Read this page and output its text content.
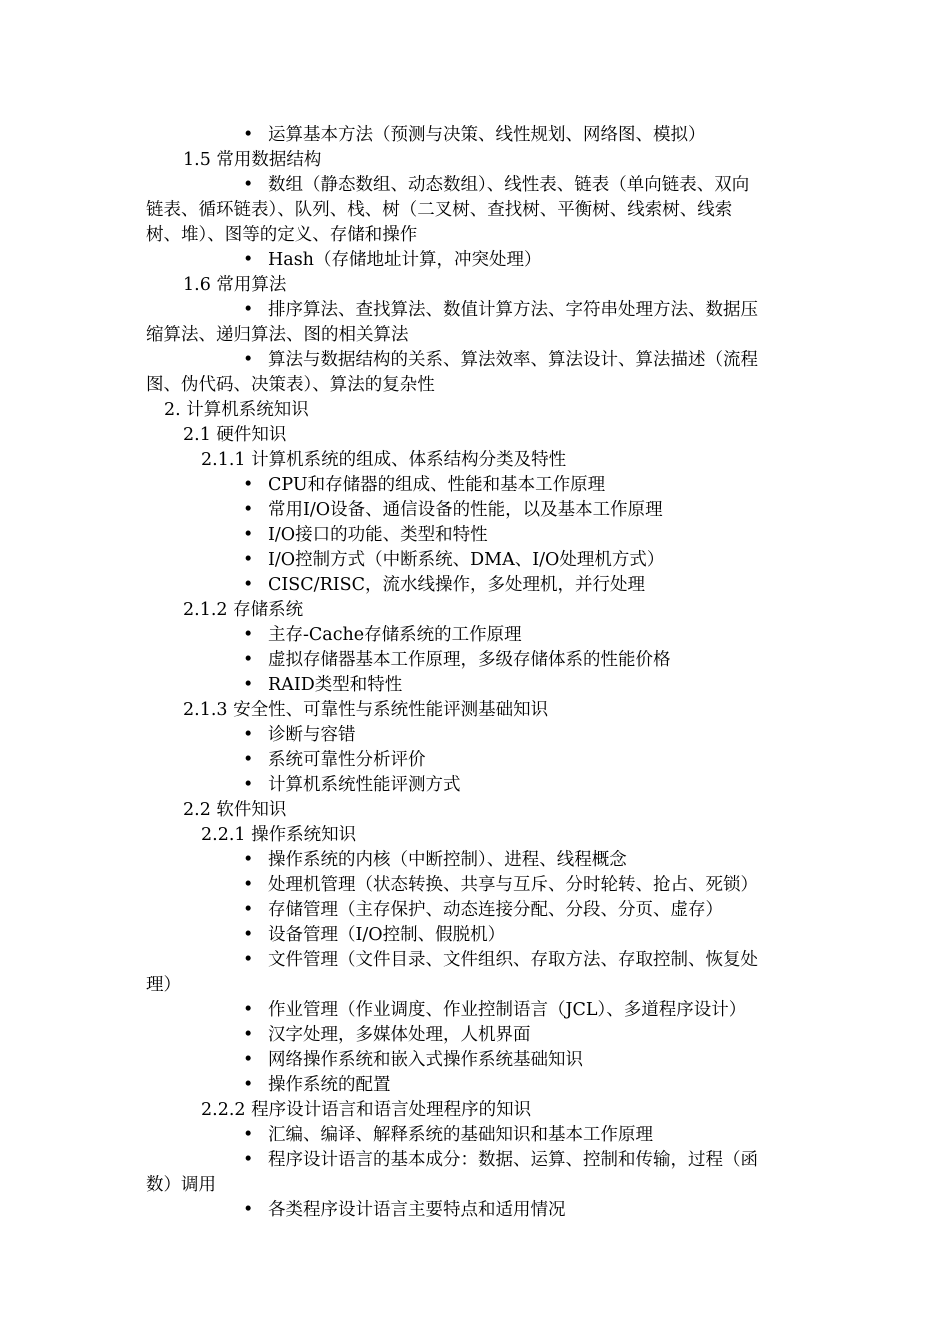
• 运算基本方法（预测与决策、线性规划、网络图、模拟）
1.5 常用数据结构
• 数组（静态数组、动态数组）、线性表、链表（单向链表、双向
链表、循环链表）、队列、栈、树（二叉树、查找树、平衡树、线索树、线索
树、堆）、图等的定义、存储和操作
• Hash（存储地址计算，冲突处理）
1.6 常用算法
• 排序算法、查找算法、数值计算方法、字符串处理方法、数据压
缩算法、递归算法、图的相关算法
• 算法与数据结构的关系、算法效率、算法设计、算法描述（流程
图、伪代码、决策表）、算法的复杂性
2. 计算机系统知识
2.1 硬件知识
2.1.1 计算机系统的组成、体系结构分类及特性
• CPU和存储器的组成、性能和基本工作原理
• 常用I/O设备、通信设备的性能，以及基本工作原理
• I/O接口的功能、类型和特性
• I/O控制方式（中断系统、DMA、I/O处理机方式）
• CISC/RISC，流水线操作，多处理机，并行处理
2.1.2 存储系统
• 主存-Cache存储系统的工作原理
• 虚拟存储器基本工作原理，多级存储体系的性能价格
• RAID类型和特性
2.1.3 安全性、可靠性与系统性能评测基础知识
• 诊断与容错
• 系统可靠性分析评价
• 计算机系统性能评测方式
2.2 软件知识
2.2.1 操作系统知识
• 操作系统的内核（中断控制）、进程、线程概念
• 处理机管理（状态转换、共享与互斥、分时轮转、抢占、死锁）
• 存储管理（主存保护、动态连接分配、分段、分页、虚存）
• 设备管理（I/O控制、假脱机）
• 文件管理（文件目录、文件组织、存取方法、存取控制、恢复处
理）
• 作业管理（作业调度、作业控制语言（JCL）、多道程序设计）
• 汉字处理，多媒体处理，人机界面
• 网络操作系统和嵌入式操作系统基础知识
• 操作系统的配置
2.2.2 程序设计语言和语言处理程序的知识
• 汇编、编译、解释系统的基础知识和基本工作原理
• 程序设计语言的基本成分：数据、运算、控制和传输，过程（函
数）调用
• 各类程序设计语言主要特点和适用情况
